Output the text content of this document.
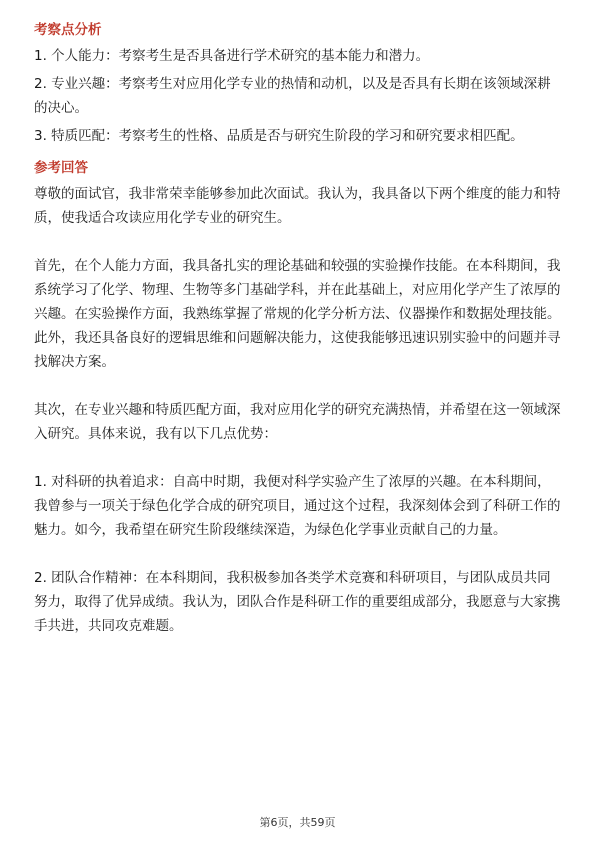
考察点分析
1. 个人能力：考察考生是否具备进行学术研究的基本能力和潜力。
2. 专业兴趣：考察考生对应用化学专业的热情和动机，以及是否具有长期在该领域深耕的决心。
3. 特质匹配：考察考生的性格、品质是否与研究生阶段的学习和研究要求相匹配。
参考回答

尊敬的面试官，我非常荣幸能够参加此次面试。我认为，我具备以下两个维度的能力和特质，使我适合攻读应用化学专业的研究生。

首先，在个人能力方面，我具备扎实的理论基础和较强的实验操作技能。在本科期间，我系统学习了化学、物理、生物等多门基础学科，并在此基础上，对应用化学产生了浓厚的兴趣。在实验操作方面，我熟练掌握了常规的化学分析方法、仪器操作和数据处理技能。此外，我还具备良好的逻辑思维和问题解决能力，这使我能够迅速识别实验中的问题并寻找解决方案。

其次，在专业兴趣和特质匹配方面，我对应用化学的研究充满热情，并希望在这一领域深入研究。具体来说，我有以下几点优势：

1. 对科研的执着追求：自高中时期，我便对科学实验产生了浓厚的兴趣。在本科期间，我曾参与一项关于绿色化学合成的研究项目，通过这个过程，我深刻体会到了科研工作的魅力。如今，我希望在研究生阶段继续深造，为绿色化学事业贡献自己的力量。

2. 团队合作精神：在本科期间，我积极参加各类学术竞赛和科研项目，与团队成员共同努力，取得了优异成绩。我认为，团队合作是科研工作的重要组成部分，我愿意与大家携手共进，共同攻克难题。

第6页，共59页
